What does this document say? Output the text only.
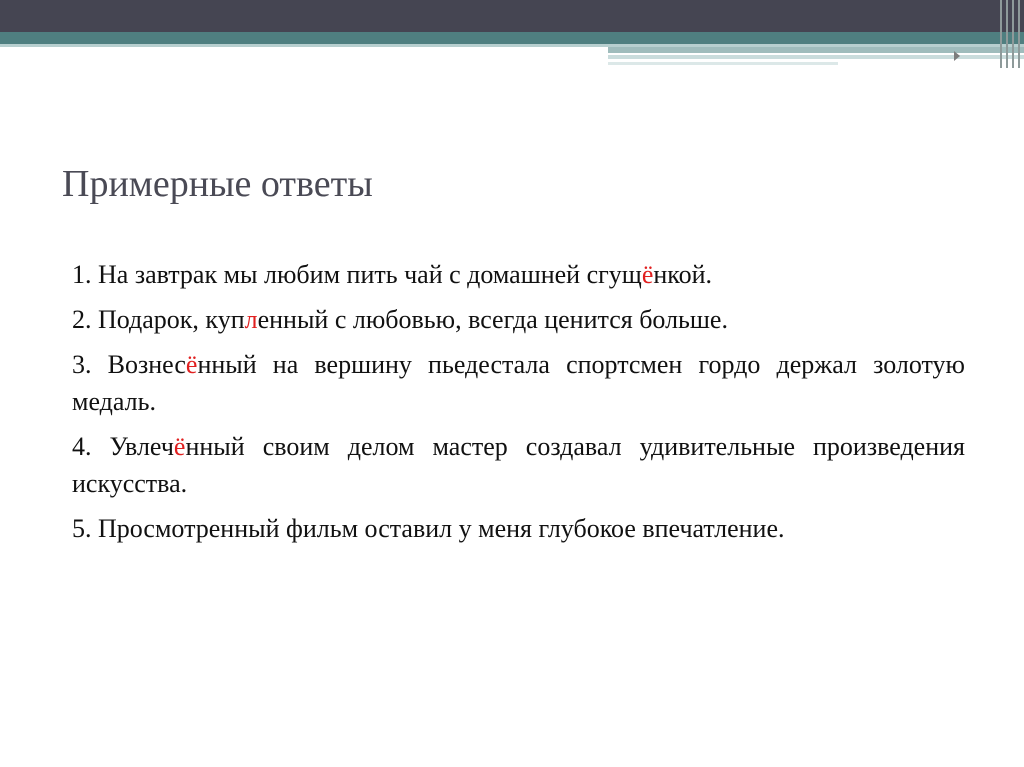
Примерные ответы

1. На завтрак мы любим пить чай с домашней сгущёнкой.

2. Подарок, купленный с любовью, всегда ценится больше.

3. Вознесённый на вершину пьедестала спортсмен гордо держал золотую медаль.

4. Увлечённый своим делом мастер создавал удивительные произведения искусства.

5. Просмотренный фильм оставил у меня глубокое впечатление.
